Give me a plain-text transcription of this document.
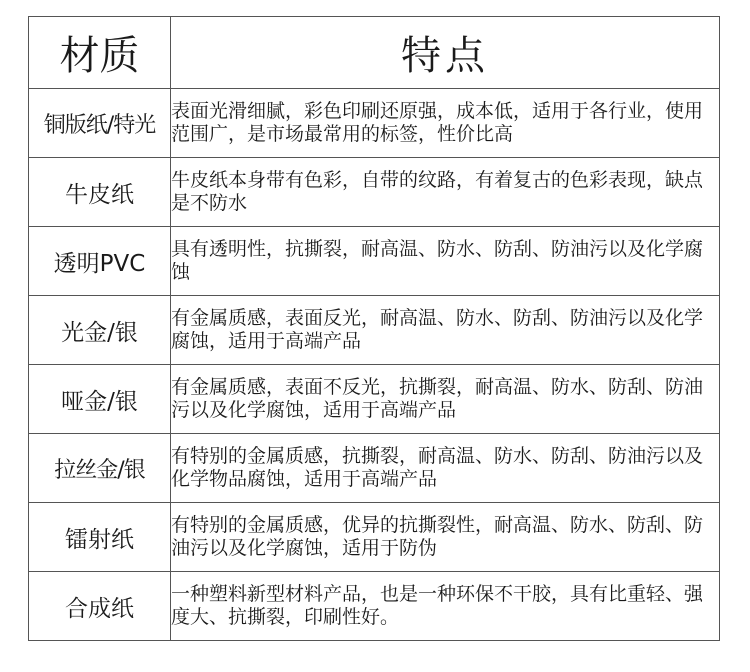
材质	特点
铜版纸/特光	表面光滑细腻，彩色印刷还原强，成本低，适用于各行业，使用范围广，是市场最常用的标签，性价比高
牛皮纸	牛皮纸本身带有色彩，自带的纹路，有着复古的色彩表现，缺点是不防水
透明PVC	具有透明性，抗撕裂，耐高温、防水、防刮、防油污以及化学腐蚀
光金/银	有金属质感，表面反光，耐高温、防水、防刮、防油污以及化学腐蚀，适用于高端产品
哑金/银	有金属质感，表面不反光，抗撕裂，耐高温、防水、防刮、防油污以及化学腐蚀，适用于高端产品
拉丝金/银	有特别的金属质感，抗撕裂，耐高温、防水、防刮、防油污以及化学物品腐蚀，适用于高端产品
镭射纸	有特别的金属质感，优异的抗撕裂性，耐高温、防水、防刮、防油污以及化学腐蚀，适用于防伪
合成纸	一种塑料新型材料产品，也是一种环保不干胶，具有比重轻、强度大、抗撕裂，印刷性好。
